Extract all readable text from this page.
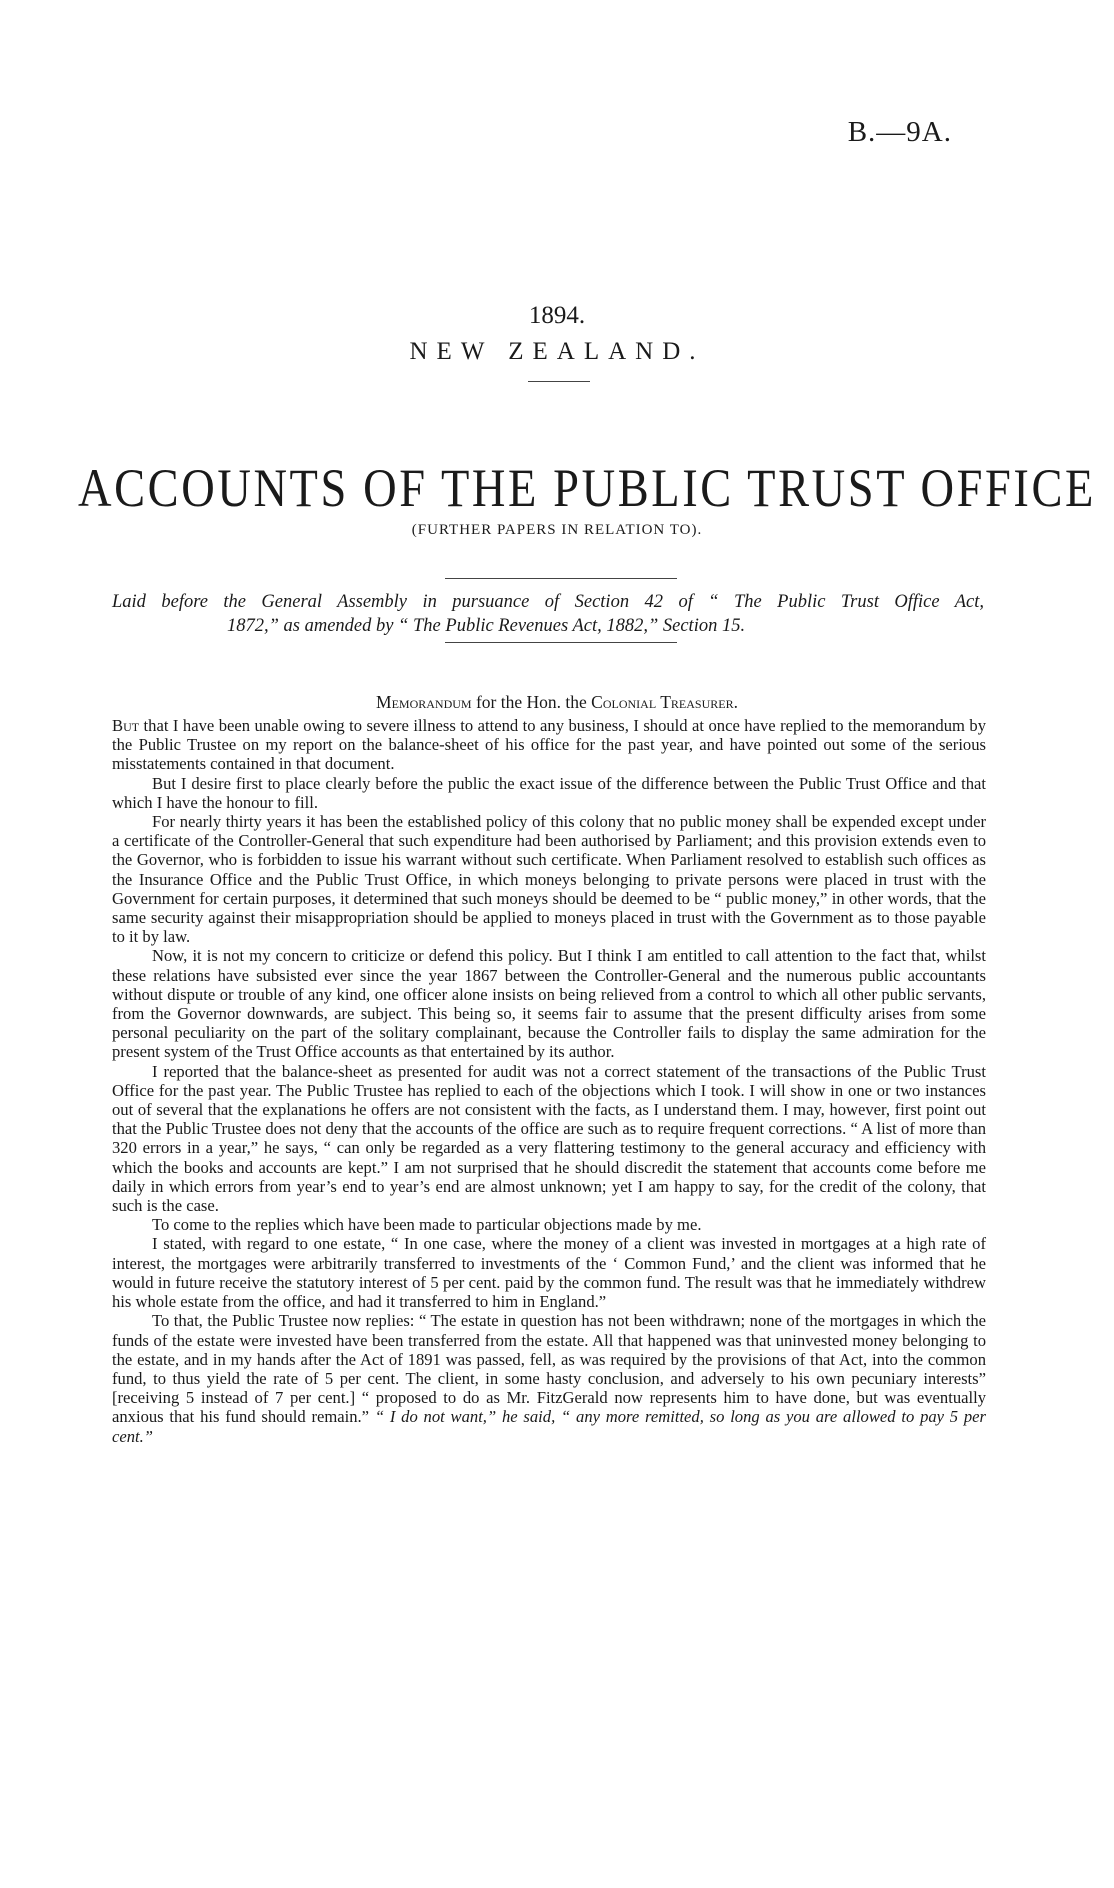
B.—9A.
1894.
NEW ZEALAND.
ACCOUNTS OF THE PUBLIC TRUST OFFICE
(FURTHER PAPERS IN RELATION TO).
Laid before the General Assembly in pursuance of Section 42 of “ The Public Trust Office Act,
1872,” as amended by “ The Public Revenues Act, 1882,” Section 15.
Memorandum for the Hon. the Colonial Treasurer.

But that I have been unable owing to severe illness to attend to any business, I should at once have replied to the memorandum by the Public Trustee on my report on the balance-sheet of his office for the past year, and have pointed out some of the serious misstatements contained in that document.

But I desire first to place clearly before the public the exact issue of the difference between the Public Trust Office and that which I have the honour to fill.

For nearly thirty years it has been the established policy of this colony that no public money shall be expended except under a certificate of the Controller-General that such expenditure had been authorised by Parliament; and this provision extends even to the Governor, who is forbidden to issue his warrant without such certificate. When Parliament resolved to establish such offices as the Insurance Office and the Public Trust Office, in which moneys belonging to private persons were placed in trust with the Government for certain purposes, it determined that such moneys should be deemed to be “ public money,” in other words, that the same security against their misappropriation should be applied to moneys placed in trust with the Government as to those payable to it by law.

Now, it is not my concern to criticize or defend this policy. But I think I am entitled to call attention to the fact that, whilst these relations have subsisted ever since the year 1867 between the Controller-General and the numerous public accountants without dispute or trouble of any kind, one officer alone insists on being relieved from a control to which all other public servants, from the Governor downwards, are subject. This being so, it seems fair to assume that the present difficulty arises from some personal peculiarity on the part of the solitary complainant, because the Controller fails to display the same admiration for the present system of the Trust Office accounts as that entertained by its author.

I reported that the balance-sheet as presented for audit was not a correct statement of the transactions of the Public Trust Office for the past year. The Public Trustee has replied to each of the objections which I took. I will show in one or two instances out of several that the explanations he offers are not consistent with the facts, as I understand them. I may, however, first point out that the Public Trustee does not deny that the accounts of the office are such as to require frequent corrections. “ A list of more than 320 errors in a year,” he says, “ can only be regarded as a very flattering testimony to the general accuracy and efficiency with which the books and accounts are kept.” I am not surprised that he should discredit the statement that accounts come before me daily in which errors from year’s end to year’s end are almost unknown; yet I am happy to say, for the credit of the colony, that such is the case.

To come to the replies which have been made to particular objections made by me.

I stated, with regard to one estate, “ In one case, where the money of a client was invested in mortgages at a high rate of interest, the mortgages were arbitrarily transferred to investments of the ‘ Common Fund,’ and the client was informed that he would in future receive the statutory interest of 5 per cent. paid by the common fund. The result was that he immediately withdrew his whole estate from the office, and had it transferred to him in England.”

To that, the Public Trustee now replies: “ The estate in question has not been withdrawn; none of the mortgages in which the funds of the estate were invested have been transferred from the estate. All that happened was that uninvested money belonging to the estate, and in my hands after the Act of 1891 was passed, fell, as was required by the provisions of that Act, into the common fund, to thus yield the rate of 5 per cent. The client, in some hasty conclusion, and adversely to his own pecuniary interests” [receiving 5 instead of 7 per cent.] “ proposed to do as Mr. FitzGerald now represents him to have done, but was eventually anxious that his fund should remain.” “ I do not want,” he said, “ any more remitted, so long as you are allowed to pay 5 per cent.”
